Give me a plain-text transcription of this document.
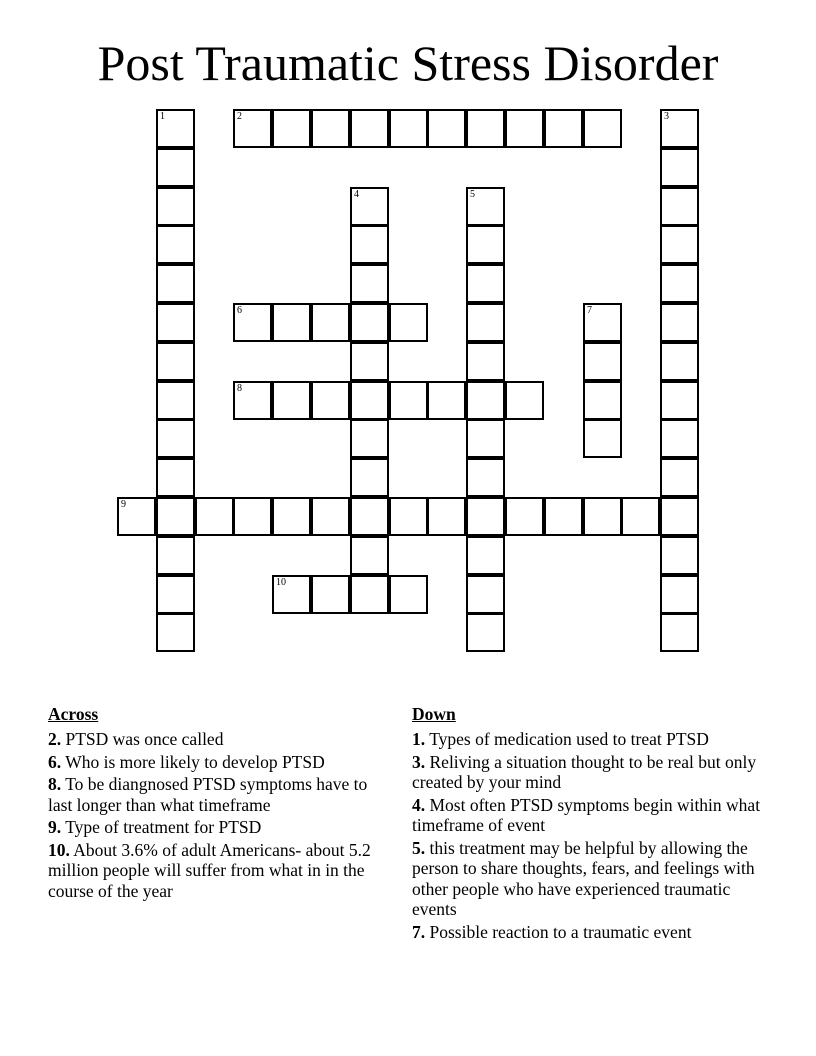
Post Traumatic Stress Disorder
1	2	3
4	5
6	7
8
9
10
Across
2. PTSD was once called
6. Who is more likely to develop PTSD
8. To be diangnosed PTSD symptoms have to last longer than what timeframe
9. Type of treatment for PTSD
10. About 3.6% of adult Americans- about 5.2 million people will suffer from what in in the course of the year
Down
1. Types of medication used to treat PTSD
3. Reliving a situation thought to be real but only created by your mind
4. Most often PTSD symptoms begin within what timeframe of event
5. this treatment may be helpful by allowing the person to share thoughts, fears, and feelings with other people who have experienced traumatic events
7. Possible reaction to a traumatic event
